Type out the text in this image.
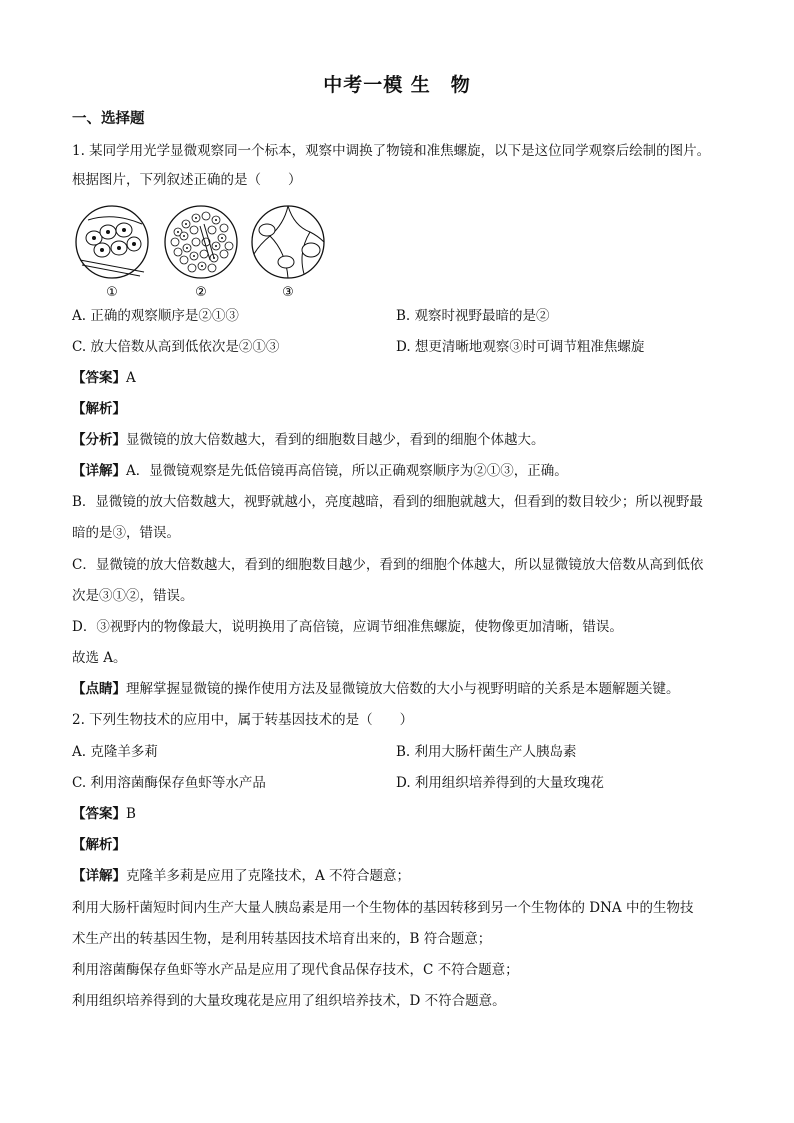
中考一模 生　物
一、选择题
1. 某同学用光学显微观察同一个标本，观察中调换了物镜和准焦螺旋，以下是这位同学观察后绘制的图片。
根据图片，下列叙述正确的是（　　）
①	②	③
A. 正确的观察顺序是②①③	B. 观察时视野最暗的是②
C. 放大倍数从高到低依次是②①③	D. 想更清晰地观察③时可调节粗准焦螺旋
【答案】A
【解析】
【分析】显微镜的放大倍数越大，看到的细胞数目越少，看到的细胞个体越大。
【详解】A．显微镜观察是先低倍镜再高倍镜，所以正确观察顺序为②①③，正确。
B．显微镜的放大倍数越大，视野就越小，亮度越暗，看到的细胞就越大，但看到的数目较少；所以视野最
暗的是③，错误。
C．显微镜的放大倍数越大，看到的细胞数目越少，看到的细胞个体越大，所以显微镜放大倍数从高到低依
次是③①②，错误。
D．③视野内的物像最大，说明换用了高倍镜，应调节细准焦螺旋，使物像更加清晰，错误。
故选 A。
【点睛】理解掌握显微镜的操作使用方法及显微镜放大倍数的大小与视野明暗的关系是本题解题关键。
2. 下列生物技术的应用中，属于转基因技术的是（　　）
A. 克隆羊多莉	B. 利用大肠杆菌生产人胰岛素
C. 利用溶菌酶保存鱼虾等水产品	D. 利用组织培养得到的大量玫瑰花
【答案】B
【解析】
【详解】克隆羊多莉是应用了克隆技术，A 不符合题意；
利用大肠杆菌短时间内生产大量人胰岛素是用一个生物体的基因转移到另一个生物体的 DNA 中的生物技
术生产出的转基因生物，是利用转基因技术培育出来的，B 符合题意；
利用溶菌酶保存鱼虾等水产品是应用了现代食品保存技术，C 不符合题意；
利用组织培养得到的大量玫瑰花是应用了组织培养技术，D 不符合题意。
